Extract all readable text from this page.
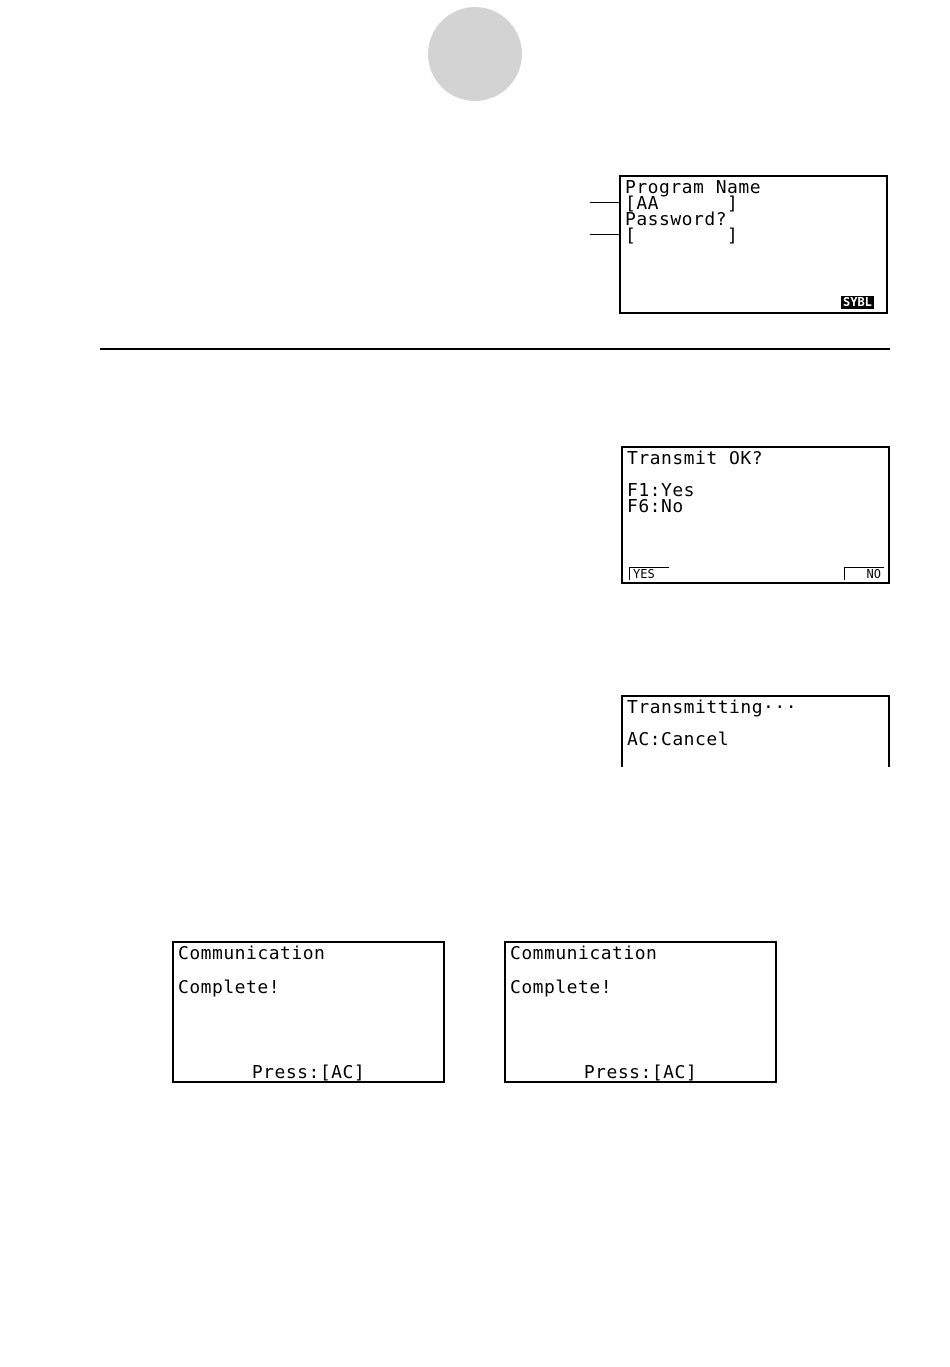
Program Name
[AA      ]
Password?
[        ]
SYBL
Transmit OK?
F1:Yes
F6:No
YES	NO
Transmitting···
AC:Cancel
Communication
Complete!
Press:[AC]
Communication
Complete!
Press:[AC]
